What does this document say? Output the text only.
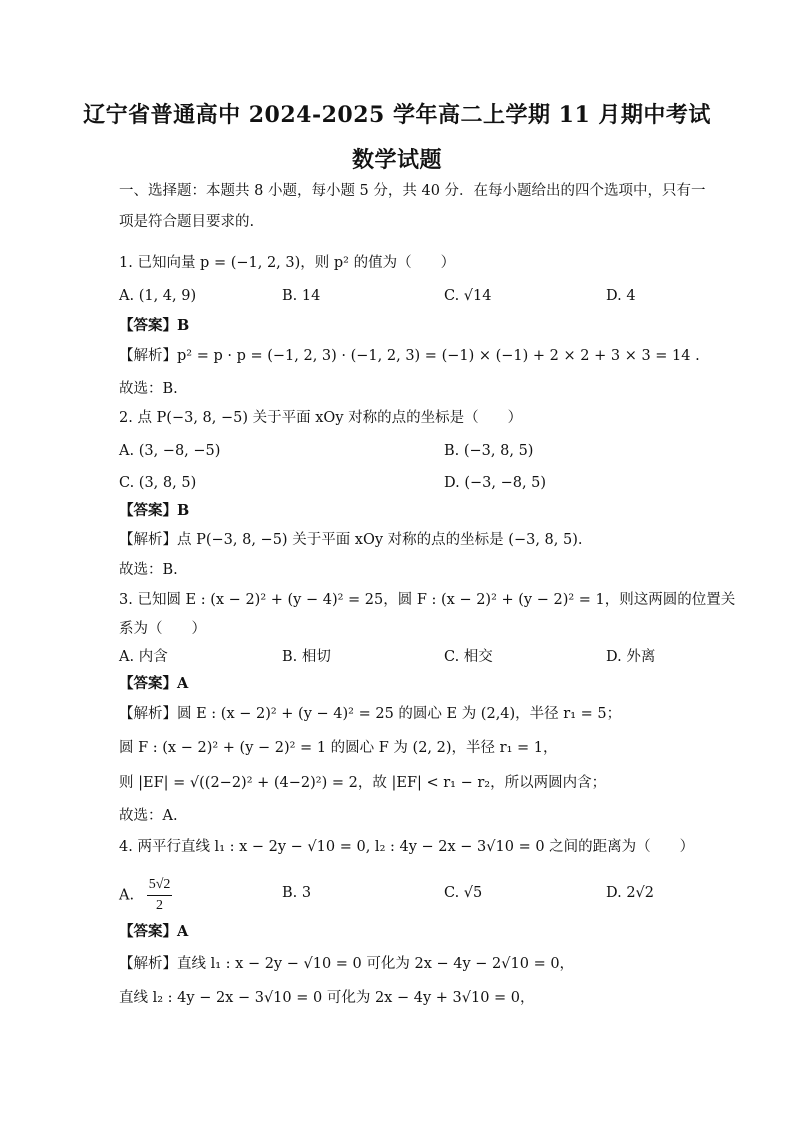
辽宁省普通高中 2024-2025 学年高二上学期 11 月期中考试
数学试题
一、选择题：本题共 8 小题，每小题 5 分，共 40 分．在每小题给出的四个选项中，只有一
项是符合题目要求的.
1. 已知向量 p = (−1, 2, 3)，则 p² 的值为（　　）
A. (1, 4, 9)	B. 14	C. √14	D. 4
【答案】B
【解析】p² = p · p = (−1, 2, 3) · (−1, 2, 3) = (−1) × (−1) + 2 × 2 + 3 × 3 = 14 .
故选：B.
2. 点 P(−3, 8, −5) 关于平面 xOy 对称的点的坐标是（　　）
A. (3, −8, −5)	B. (−3, 8, 5)
C. (3, 8, 5)	D. (−3, −8, 5)
【答案】B
【解析】点 P(−3, 8, −5) 关于平面 xOy 对称的点的坐标是 (−3, 8, 5).
故选：B.
3. 已知圆 E : (x − 2)² + (y − 4)² = 25，圆 F : (x − 2)² + (y − 2)² = 1，则这两圆的位置关
系为（　　）
A. 内含	B. 相切	C. 相交	D. 外离
【答案】A
【解析】圆 E : (x − 2)² + (y − 4)² = 25 的圆心 E 为 (2,4)，半径 r₁ = 5；
圆 F : (x − 2)² + (y − 2)² = 1 的圆心 F 为 (2, 2)，半径 r₁ = 1，
则 |EF| = √((2−2)² + (4−2)²) = 2，故 |EF| < r₁ − r₂，所以两圆内含；
故选：A.
4. 两平行直线 l₁ : x − 2y − √10 = 0, l₂ : 4y − 2x − 3√10 = 0 之间的距离为（　　）
A. $\frac{5√2}{2}$	B. 3	C. √5	D. 2√2
【答案】A
【解析】直线 l₁ : x − 2y − √10 = 0 可化为 2x − 4y − 2√10 = 0，
直线 l₂ : 4y − 2x − 3√10 = 0 可化为 2x − 4y + 3√10 = 0，
